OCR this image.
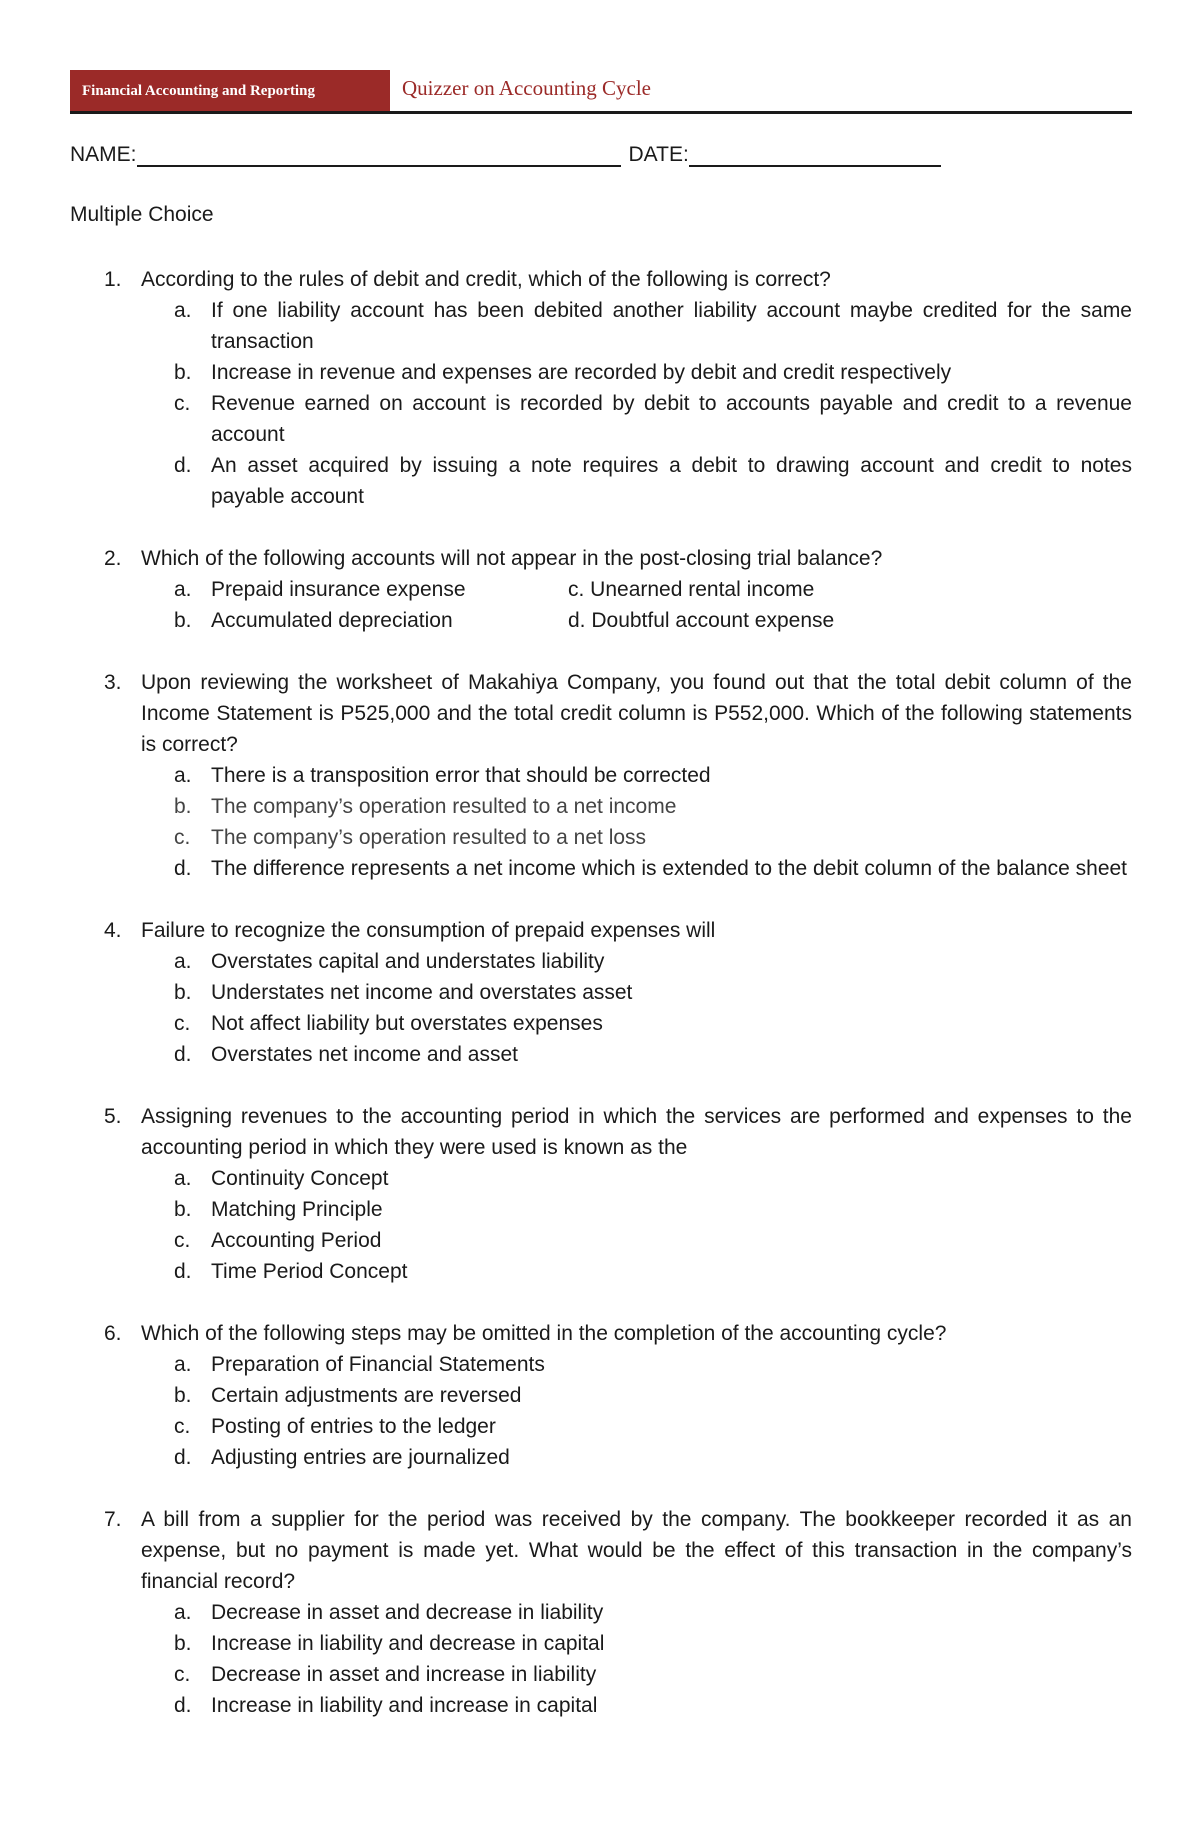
Financial Accounting and Reporting	Quizzer on Accounting Cycle
NAME:	DATE:
Multiple Choice
1. According to the rules of debit and credit, which of the following is correct?
a. If one liability account has been debited another liability account maybe credited for the same transaction
b. Increase in revenue and expenses are recorded by debit and credit respectively
c. Revenue earned on account is recorded by debit to accounts payable and credit to a revenue account
d. An asset acquired by issuing a note requires a debit to drawing account and credit to notes payable account
2. Which of the following accounts will not appear in the post-closing trial balance?
a. Prepaid insurance expense	c. Unearned rental income
b. Accumulated depreciation	d. Doubtful account expense
3. Upon reviewing the worksheet of Makahiya Company, you found out that the total debit column of the Income Statement is P525,000 and the total credit column is P552,000. Which of the following statements is correct?
a. There is a transposition error that should be corrected
b. The company’s operation resulted to a net income
c. The company’s operation resulted to a net loss
d. The difference represents a net income which is extended to the debit column of the balance sheet
4. Failure to recognize the consumption of prepaid expenses will
a. Overstates capital and understates liability
b. Understates net income and overstates asset
c. Not affect liability but overstates expenses
d. Overstates net income and asset
5. Assigning revenues to the accounting period in which the services are performed and expenses to the accounting period in which they were used is known as the
a. Continuity Concept
b. Matching Principle
c. Accounting Period
d. Time Period Concept
6. Which of the following steps may be omitted in the completion of the accounting cycle?
a. Preparation of Financial Statements
b. Certain adjustments are reversed
c. Posting of entries to the ledger
d. Adjusting entries are journalized
7. A bill from a supplier for the period was received by the company. The bookkeeper recorded it as an expense, but no payment is made yet. What would be the effect of this transaction in the company’s financial record?
a. Decrease in asset and decrease in liability
b. Increase in liability and decrease in capital
c. Decrease in asset and increase in liability
d. Increase in liability and increase in capital
